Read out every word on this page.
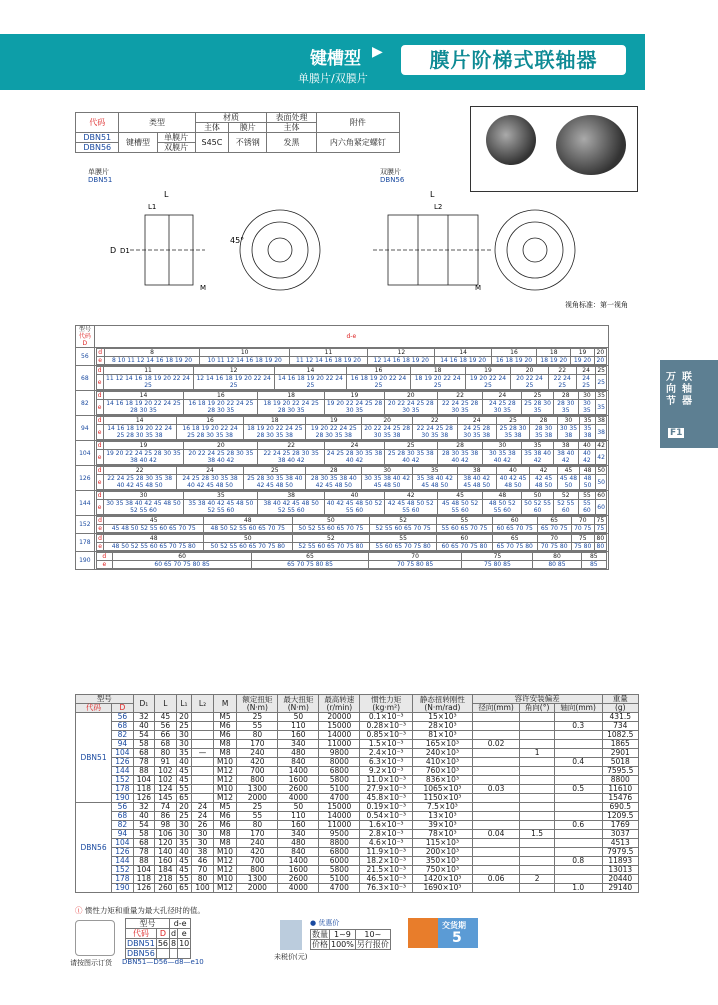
键槽型 ▶
单膜片/双膜片
膜片阶梯式联轴器
联轴器
万向节
F1
代码	类型		材质		表面处理	附件
			主体	膜片	主体	
DBN51	键槽型	单膜片	S45C	不锈钢	发黑	内六角紧定螺钉
DBN56		双膜片				
单膜片
DBN51
双膜片
DBN56
45°
L
L1
D D1
M
L
L2
M
视角标准：第一视角
型号
代码 D	d-e
56	
d	8	10	11	12	14	16	18	19	20
e	8 10 11 12 14 16 18 19 20	10 11 12 14 16 18 19 20	11 12 14 16 18 19 20	12 14 16 18 19 20	14 16 18 19 20	16 18 19 20	18 19 20	19 20	20

68	
d	11	12	14	16	18	19	20	22	24	25
e	11 12 14 16 18 19 20 22 24 25	12 14 16 18 19 20 22 24 25	14 16 18 19 20 22 24 25	16 18 19 20 22 24 25	18 19 20 22 24 25	19 20 22 24 25	20 22 24 25	22 24 25	24 25	25

82	
d	14	16	18	19	20	22	24	25	28	30	35
e	14 16 18 19 20 22 24 25 28 30 35	16 18 19 20 22 24 25 28 30 35	18 19 20 22 24 25 28 30 35	19 20 22 24 25 28 30 35	20 22 24 25 28 30 35	22 24 25 28 30 35	24 25 28 30 35	25 28 30 35	28 30 35	30 35	35

94	
d	14	16	18	19	20	22	24	25	28	30	35	38
e	14 16 18 19 20 22 24 25 28 30 35 38	16 18 19 20 22 24 25 28 30 35 38	18 19 20 22 24 25 28 30 35 38	19 20 22 24 25 28 30 35 38	20 22 24 25 28 30 35 38	22 24 25 28 30 35 38	24 25 28 30 35 38	25 28 30 35 38	28 30 35 38	30 35 38	35 38	38

104	
d	19	20	22	24	25	28	30	35	38	40	42
e	19 20 22 24 25 28 30 35 38 40 42	20 22 24 25 28 30 35 38 40 42	22 24 25 28 30 35 38 40 42	24 25 28 30 35 38 40 42	25 28 30 35 38 40 42	28 30 35 38 40 42	30 35 38 40 42	35 38 40 42	38 40 42	40 42	42

126	
d	22	24	25	28	30	35	38	40	42	45	48	50
e	22 24 25 28 30 35 38 40 42 45 48 50	24 25 28 30 35 38 40 42 45 48 50	25 28 30 35 38 40 42 45 48 50	28 30 35 38 40 42 45 48 50	30 35 38 40 42 45 48 50	35 38 40 42 45 48 50	38 40 42 45 48 50	40 42 45 48 50	42 45 48 50	45 48 50	48 50	50

144	
d	30	35	38	40	42	45	48	50	52	55	60
e	30 35 38 40 42 45 48 50 52 55 60	35 38 40 42 45 48 50 52 55 60	38 40 42 45 48 50 52 55 60	40 42 45 48 50 52 55 60	42 45 48 50 52 55 60	45 48 50 52 55 60	48 50 52 55 60	50 52 55 60	52 55 60	55 60	60

152	
d	45	48	50	52	55	60	65	70	75
e	45 48 50 52 55 60 65 70 75	48 50 52 55 60 65 70 75	50 52 55 60 65 70 75	52 55 60 65 70 75	55 60 65 70 75	60 65 70 75	65 70 75	70 75	75

178	
d	48	50	52	55	60	65	70	75	80
e	48 50 52 55 60 65 70 75 80	50 52 55 60 65 70 75 80	52 55 60 65 70 75 80	55 60 65 70 75 80	60 65 70 75 80	65 70 75 80	70 75 80	75 80	80

190	
d	60	65	70	75	80	85
e	60 65 70 75 80 85	65 70 75 80 85	70 75 80 85	75 80 85	80 85	85

型号		D₁	L	L₁	L₂	M	额定扭矩
(N·m)	最大扭矩
(N·m)	最高转速
(r/min)	惯性力矩
(kg·m²)	静态扭转刚性
(N·m/rad)	容许安装偏差			重量
代码	D											径向(mm)	角向(°)	轴向(mm)	(g)
DBN51	56	32	45	20		M5	25	50	20000	0.1×10⁻³	15×10³				431.5
	68	40	56	25		M6	55	110	15000	0.28×10⁻³	28×10³			0.3	734
	82	54	66	30		M6	80	160	14000	0.85×10⁻³	81×10³				1082.5
	94	58	68	30		M8	170	340	11000	1.5×10⁻³	165×10³	0.02			1865
	104	68	80	35	—	M8	240	480	9800	2.4×10⁻³	240×10³		1		2901
	126	78	91	40		M10	420	840	8000	6.3×10⁻³	410×10³			0.4	5018
	144	88	102	45		M12	700	1400	6800	9.2×10⁻³	760×10³				7595.5
	152	104	102	45		M12	800	1600	5800	11.0×10⁻³	836×10³				8800
	178	118	124	55		M10	1300	2600	5100	27.9×10⁻³	1065×10³	0.03		0.5	11610
	190	126	145	65		M12	2000	4000	4700	45.8×10⁻³	1150×10³				15476
DBN56	56	32	74	20	24	M5	25	50	15000	0.19×10⁻³	7.5×10³				690.5
	68	40	86	25	24	M6	55	110	14000	0.54×10⁻³	13×10³				1209.5
	82	54	98	30	26	M6	80	160	11000	1.6×10⁻³	39×10³			0.6	1769
	94	58	106	30	30	M8	170	340	9500	2.8×10⁻³	78×10³	0.04	1.5		3037
	104	68	120	35	30	M8	240	480	8800	4.6×10⁻³	115×10³				4513
	126	78	140	40	38	M10	420	840	6800	11.9×10⁻³	200×10³				7979.5
	144	88	160	45	46	M12	700	1400	6000	18.2×10⁻³	350×10³			0.8	11893
	152	104	184	45	70	M12	800	1600	5800	21.5×10⁻³	750×10³				13013
	178	118	218	55	80	M10	1300	2600	5100	46.5×10⁻³	1420×10³	0.06	2		20440
	190	126	260	65	100	M12	2000	4000	4700	76.3×10⁻³	1690×10³			1.0	29140
ⓘ 惯性力矩和重量为最大孔径时的值。
请按图示订货
型号		d-e	
代码	D	d	e
DBN51	56	8	10
DBN56			
DBN51—D56—d8—e10
未税价(元)
● 优惠价
数量	1~9	10~
价格	100%	另行报价
交货期
5
